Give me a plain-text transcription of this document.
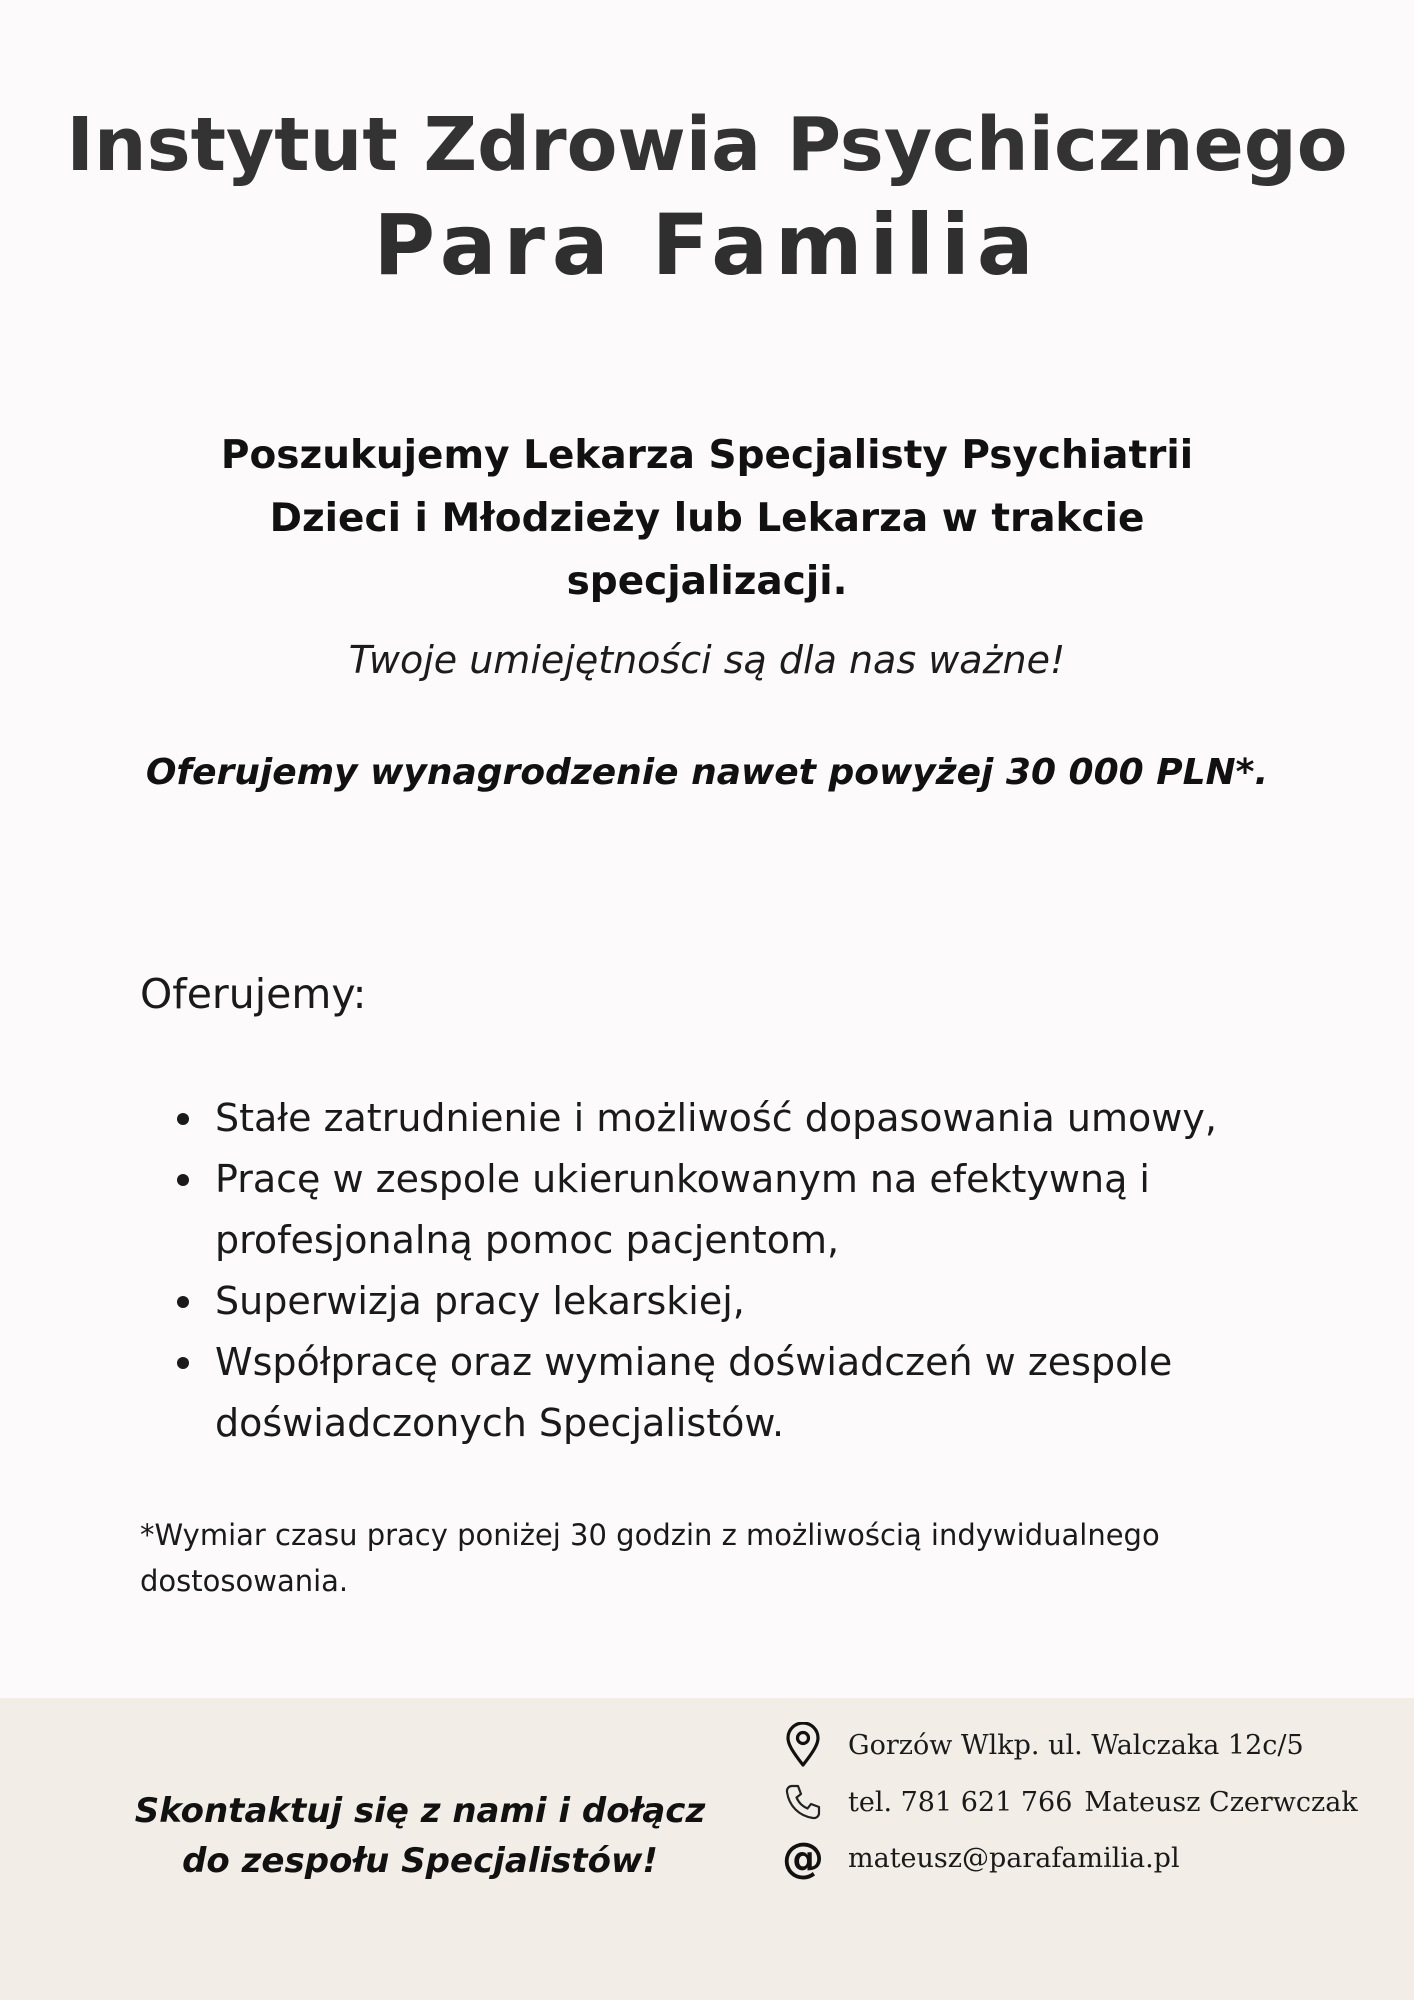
Instytut Zdrowia Psychicznego
Para Familia
Poszukujemy Lekarza Specjalisty Psychiatrii Dzieci i Młodzieży lub Lekarza w trakcie specjalizacji.
Twoje umiejętności są dla nas ważne!
Oferujemy wynagrodzenie nawet powyżej 30 000 PLN*.
Oferujemy:
Stałe zatrudnienie i możliwość dopasowania umowy,
Pracę w zespole ukierunkowanym na efektywną i profesjonalną pomoc pacjentom,
Superwizja pracy lekarskiej,
Współpracę oraz wymianę doświadczeń w zespole doświadczonych Specjalistów.
*Wymiar czasu pracy poniżej 30 godzin z możliwością indywidualnego dostosowania.
Skontaktuj się z nami i dołącz do zespołu Specjalistów!
Gorzów Wlkp. ul. Walczaka 12c/5
tel. 781 621 766 Mateusz Czerwczak
@ mateusz@parafamilia.pl
